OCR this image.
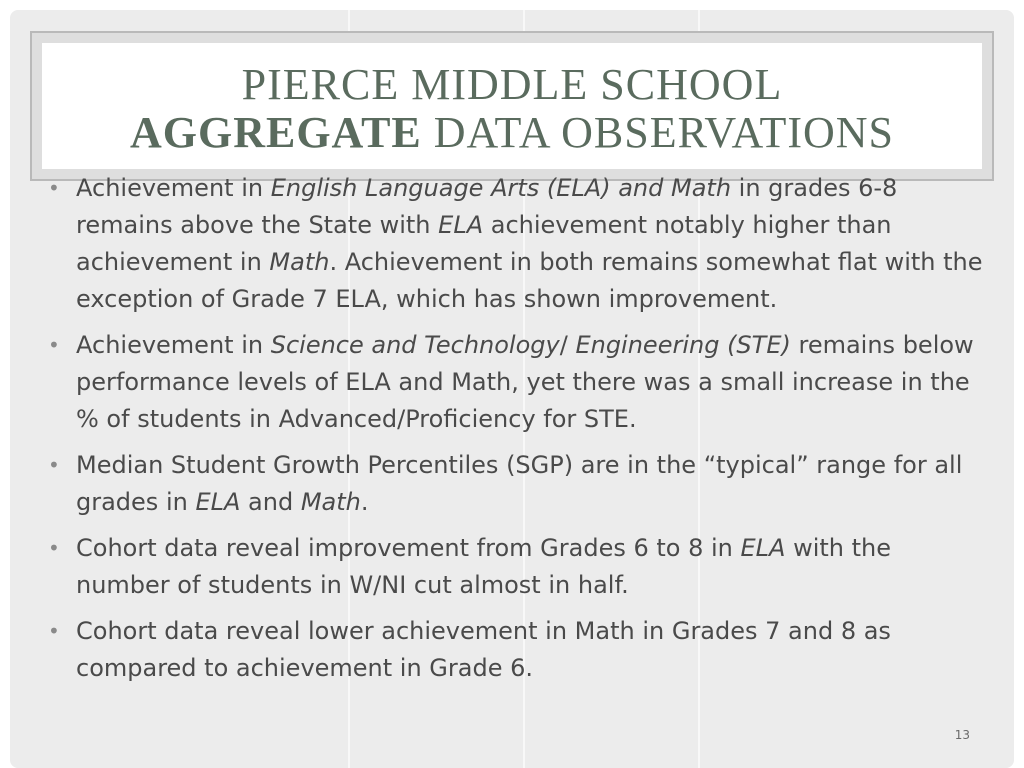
PIERCE MIDDLE SCHOOL
AGGREGATE DATA OBSERVATIONS
• Achievement in English Language Arts (ELA) and Math in grades 6-8 remains above the State with ELA achievement notably higher than achievement in Math. Achievement in both remains somewhat flat with the exception of Grade 7 ELA, which has shown improvement.
• Achievement in Science and Technology/ Engineering (STE) remains below performance levels of ELA and Math, yet there was a small increase in the % of students in Advanced/Proficiency for STE.
• Median Student Growth Percentiles (SGP) are in the “typical” range for all grades in ELA and Math.
• Cohort data reveal improvement from Grades 6 to 8 in ELA with the number of students in W/NI cut almost in half.
• Cohort data reveal lower achievement in Math in Grades 7 and 8 as compared to achievement in Grade 6.
13
